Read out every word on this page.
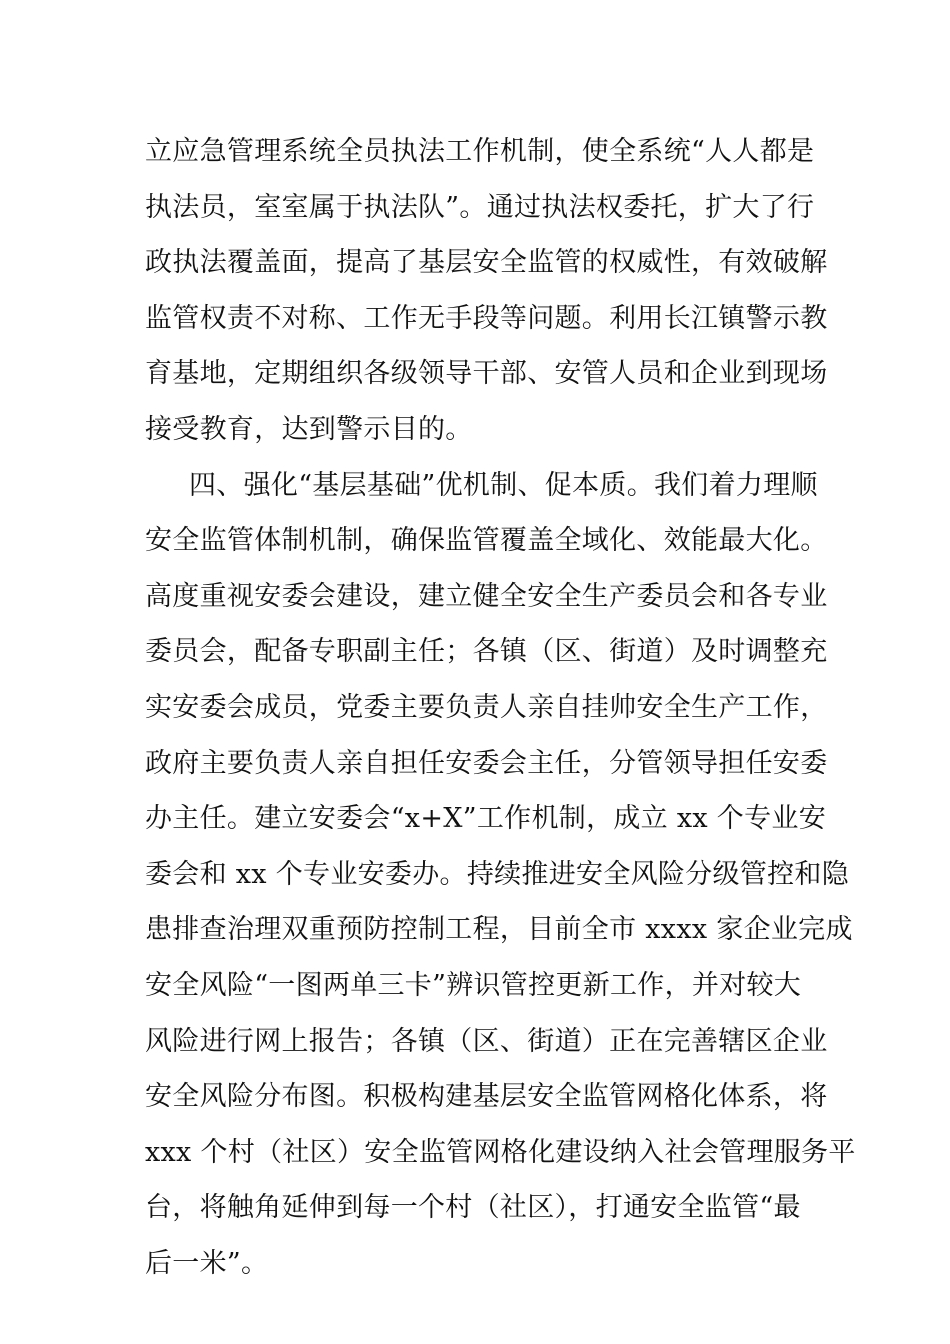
立应急管理系统全员执法工作机制，使全系统“人人都是
执法员，室室属于执法队”。通过执法权委托，扩大了行
政执法覆盖面，提高了基层安全监管的权威性，有效破解
监管权责不对称、工作无手段等问题。利用长江镇警示教
育基地，定期组织各级领导干部、安管人员和企业到现场
接受教育，达到警示目的。
四、强化“基层基础”优机制、促本质。我们着力理顺
安全监管体制机制，确保监管覆盖全域化、效能最大化。
高度重视安委会建设，建立健全安全生产委员会和各专业
委员会，配备专职副主任；各镇（区、街道）及时调整充
实安委会成员，党委主要负责人亲自挂帅安全生产工作，
政府主要负责人亲自担任安委会主任，分管领导担任安委
办主任。建立安委会“x+X”工作机制，成立 xx 个专业安
委会和 xx 个专业安委办。持续推进安全风险分级管控和隐
患排查治理双重预防控制工程，目前全市 xxxx 家企业完成
安全风险“一图两单三卡”辨识管控更新工作，并对较大
风险进行网上报告；各镇（区、街道）正在完善辖区企业
安全风险分布图。积极构建基层安全监管网格化体系，将
xxx 个村（社区）安全监管网格化建设纳入社会管理服务平
台，将触角延伸到每一个村（社区），打通安全监管“最
后一米”。
